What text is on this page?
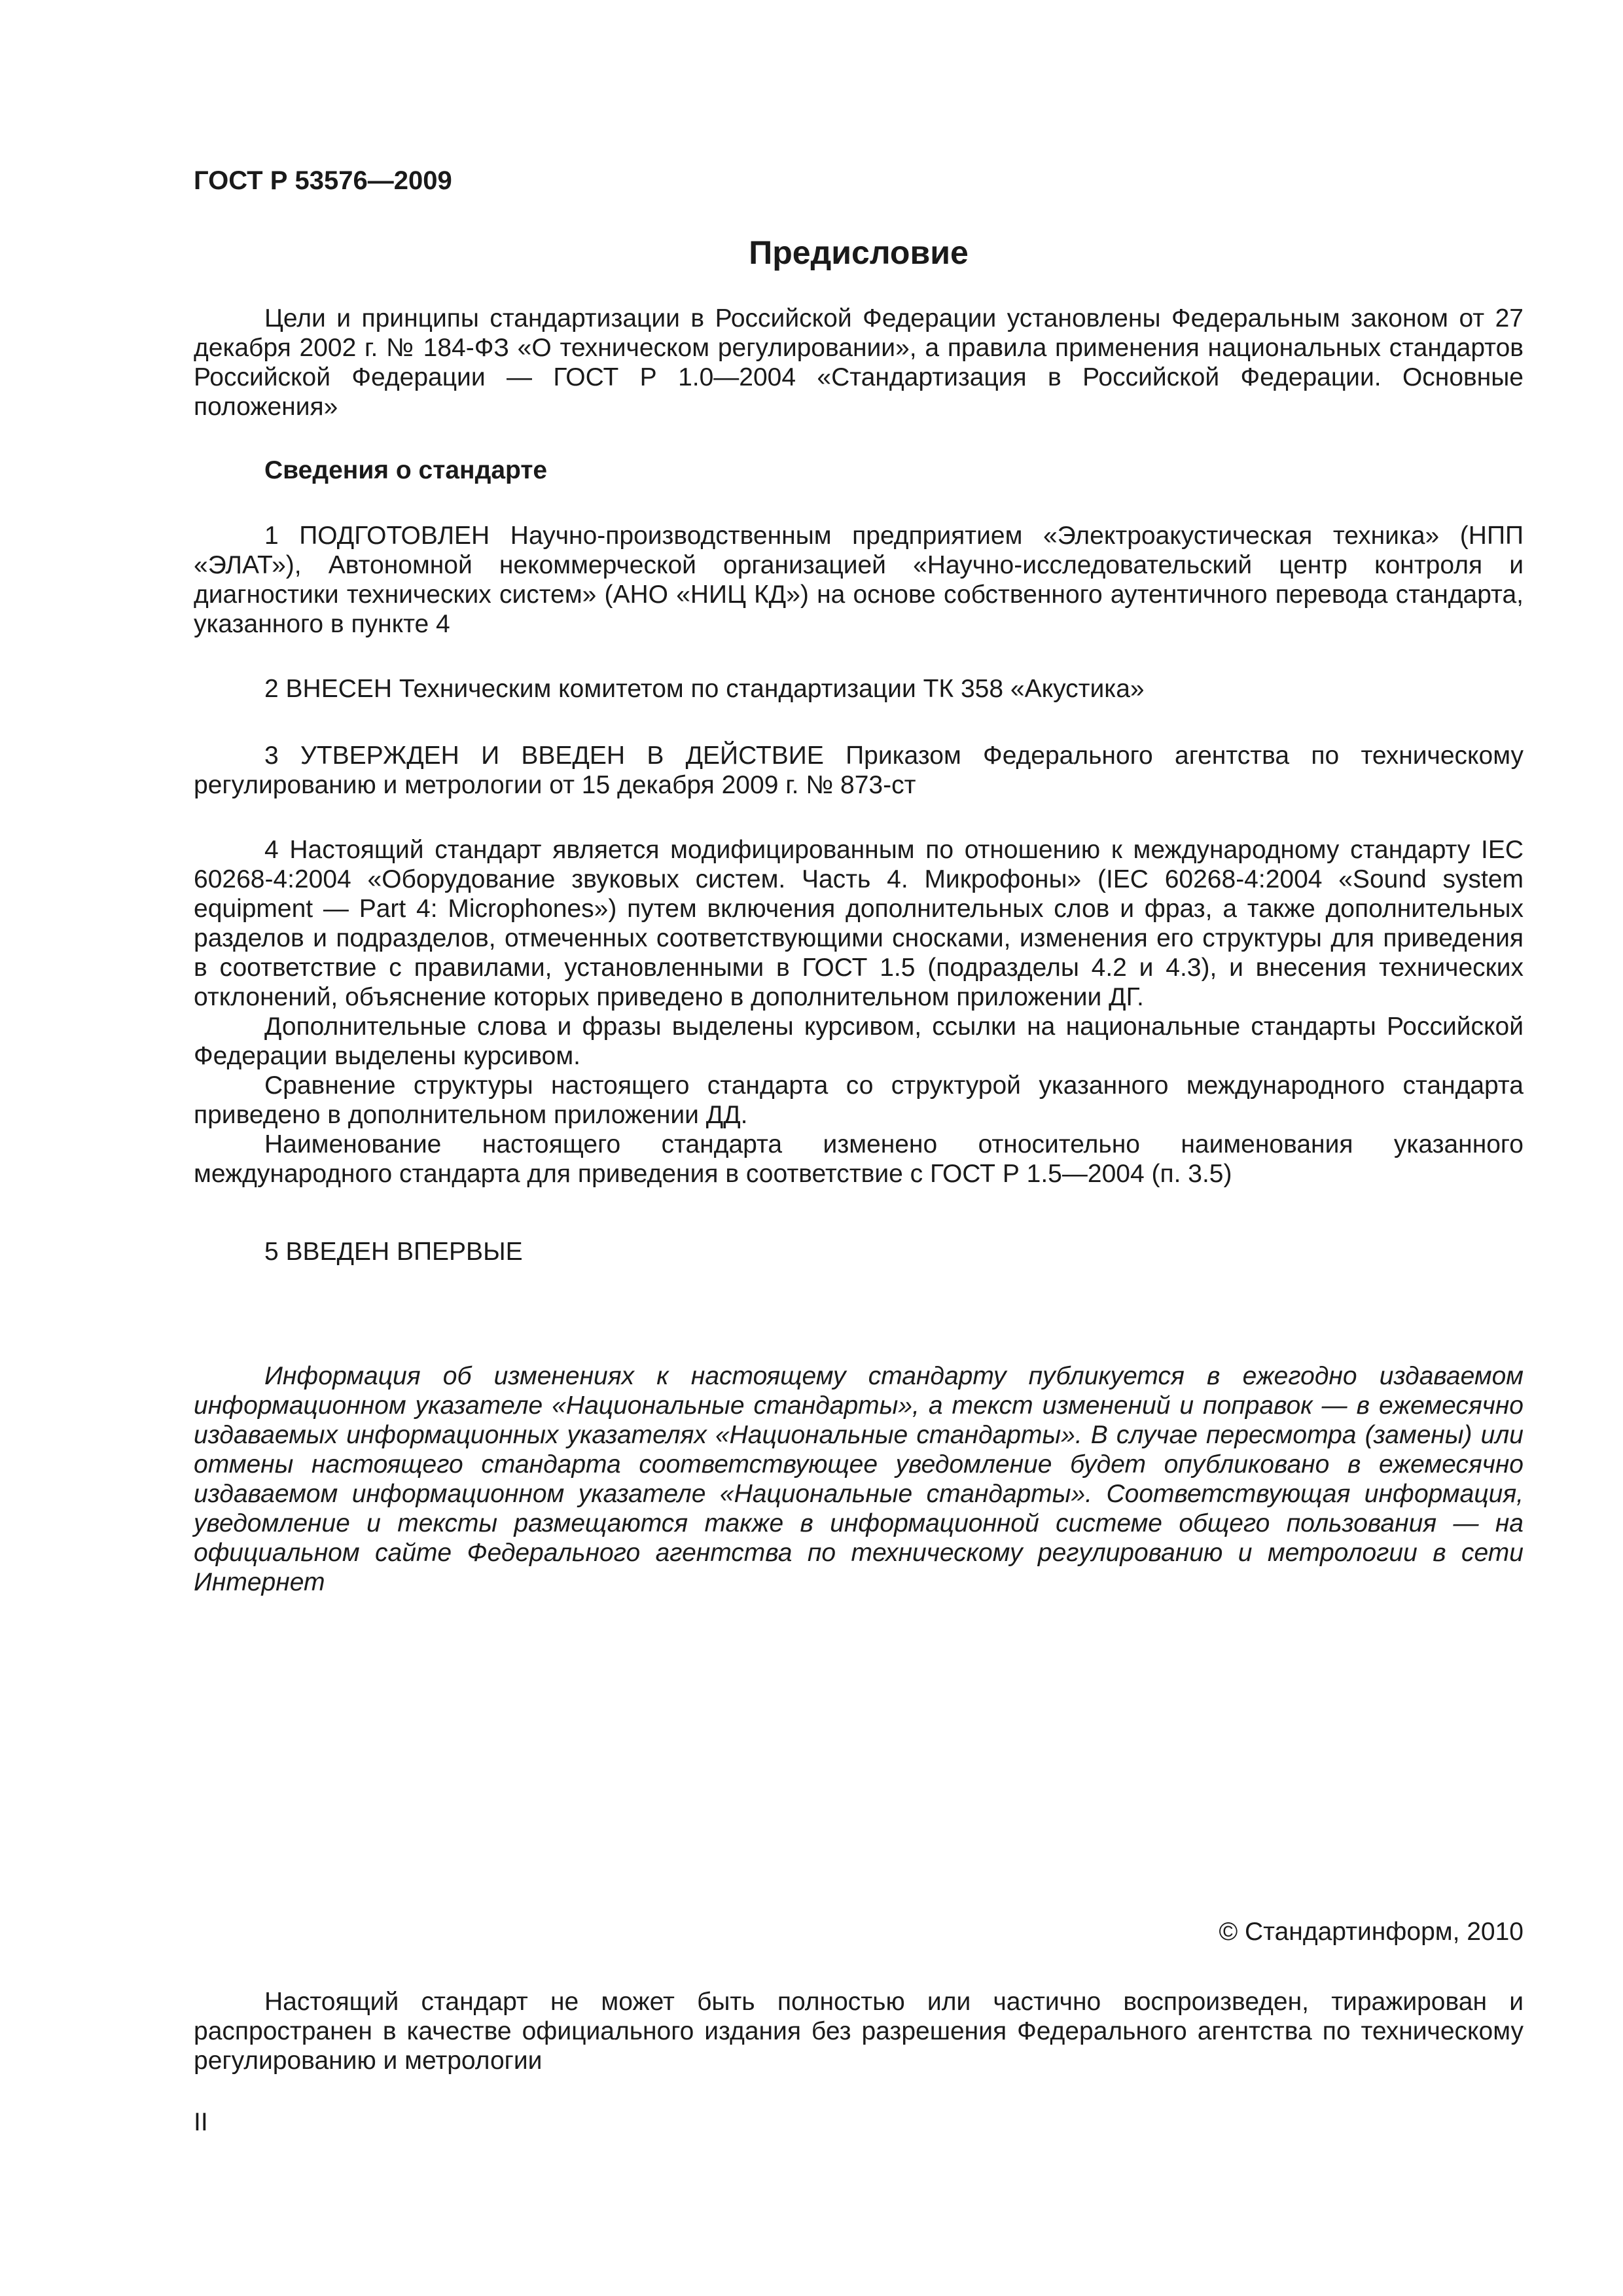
ГОСТ Р 53576—2009
Предисловие

Цели и принципы стандартизации в Российской Федерации установлены Федеральным законом от 27 декабря 2002 г. № 184-ФЗ «О техническом регулировании», а правила применения национальных стандартов Российской Федерации — ГОСТ Р 1.0—2004 «Стандартизация в Российской Федерации. Основные положения»

Сведения о стандарте

1 ПОДГОТОВЛЕН Научно-производственным предприятием «Электроакустическая техника» (НПП «ЭЛАТ»), Автономной некоммерческой организацией «Научно-исследовательский центр контроля и диагностики технических систем» (АНО «НИЦ КД») на основе собственного аутентичного перевода стандарта, указанного в пункте 4

2 ВНЕСЕН Техническим комитетом по стандартизации ТК 358 «Акустика»

3 УТВЕРЖДЕН И ВВЕДЕН В ДЕЙСТВИЕ Приказом Федерального агентства по техническому регулированию и метрологии от 15 декабря 2009 г. № 873-ст

4 Настоящий стандарт является модифицированным по отношению к международному стандарту IEC 60268-4:2004 «Оборудование звуковых систем. Часть 4. Микрофоны» (IEC 60268-4:2004 «Sound system equipment — Part 4: Microphones») путем включения дополнительных слов и фраз, а также дополнительных разделов и подразделов, отмеченных соответствующими сносками, изменения его структуры для приведения в соответствие с правилами, установленными в ГОСТ 1.5 (подразделы 4.2 и 4.3), и внесения технических отклонений, объяснение которых приведено в дополнительном приложении ДГ.

Дополнительные слова и фразы выделены курсивом, ссылки на национальные стандарты Российской Федерации выделены курсивом.

Сравнение структуры настоящего стандарта со структурой указанного международного стандарта приведено в дополнительном приложении ДД.

Наименование настоящего стандарта изменено относительно наименования указанного международного стандарта для приведения в соответствие с ГОСТ Р 1.5—2004 (п. 3.5)

5 ВВЕДЕН ВПЕРВЫЕ

Информация об изменениях к настоящему стандарту публикуется в ежегодно издаваемом информационном указателе «Национальные стандарты», а текст изменений и поправок — в ежемесячно издаваемых информационных указателях «Национальные стандарты». В случае пересмотра (замены) или отмены настоящего стандарта соответствующее уведомление будет опубликовано в ежемесячно издаваемом информационном указателе «Национальные стандарты». Соответствующая информация, уведомление и тексты размещаются также в информационной системе общего пользования — на официальном сайте Федерального агентства по техническому регулированию и метрологии в сети Интернет

© Стандартинформ, 2010

Настоящий стандарт не может быть полностью или частично воспроизведен, тиражирован и распространен в качестве официального издания без разрешения Федерального агентства по техническому регулированию и метрологии

II
